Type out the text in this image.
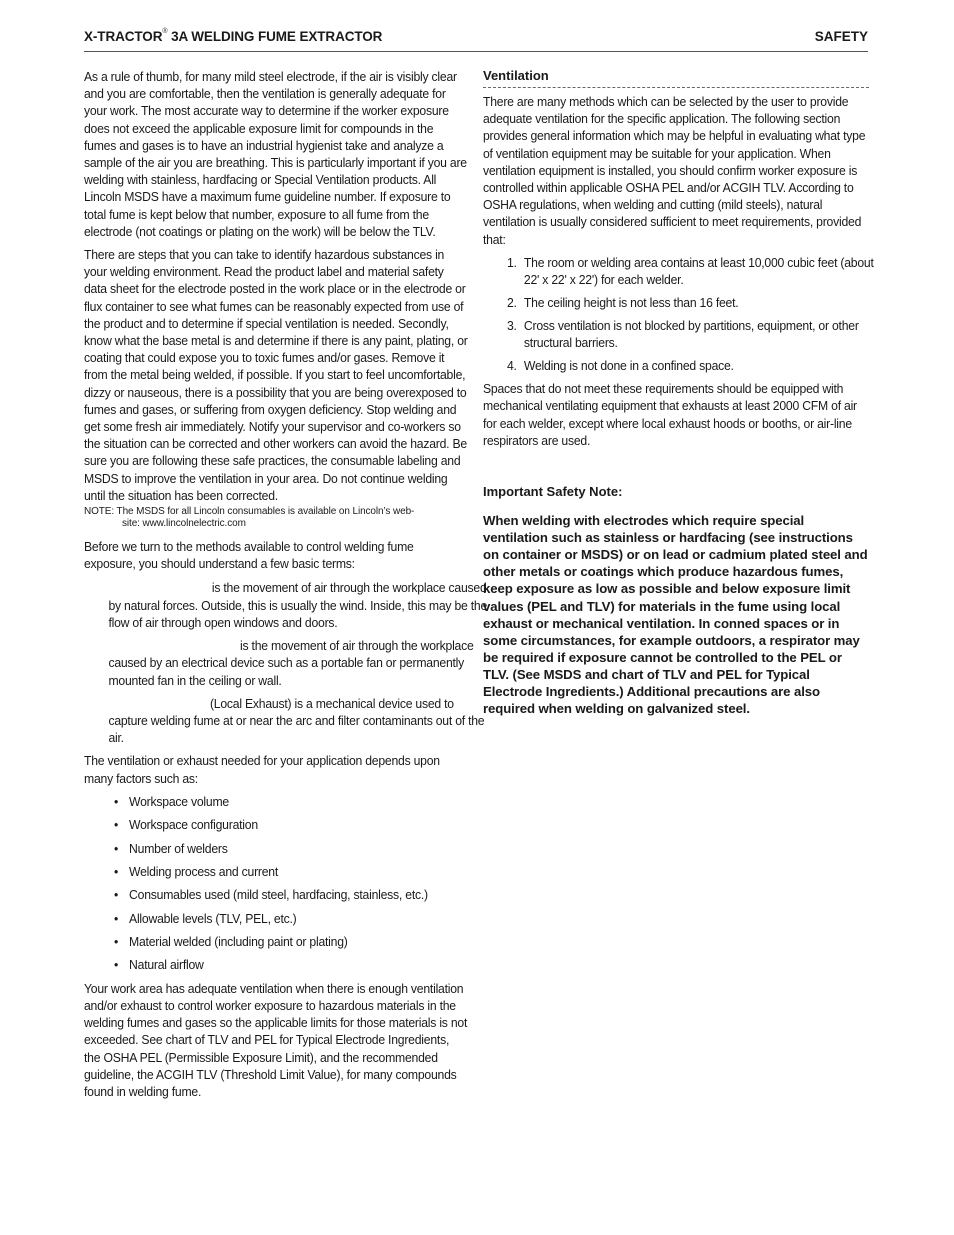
X-TRACTOR® 3A WELDING FUME EXTRACTOR	SAFETY

As a rule of thumb, for many mild steel electrode, if the air is visibly clear and you are comfortable, then the ventilation is generally adequate for your work. The most accurate way to determine if the worker exposure does not exceed the applicable exposure limit for compounds in the fumes and gases is to have an industrial hygienist take and analyze a sample of the air you are breathing. This is particularly important if you are welding with stainless, hardfacing or Special Ventilation products. All Lincoln MSDS have a maximum fume guideline number. If exposure to total fume is kept below that number, exposure to all fume from the electrode (not coatings or plating on the work) will be below the TLV.

There are steps that you can take to identify hazardous substances in your welding environment. Read the product label and material safety data sheet for the electrode posted in the work place or in the electrode or flux container to see what fumes can be reasonably expected from use of the product and to determine if special ventilation is needed. Secondly, know what the base metal is and determine if there is any paint, plating, or coating that could expose you to toxic fumes and/or gases. Remove it from the metal being welded, if possible. If you start to feel uncomfortable, dizzy or nauseous, there is a possibility that you are being overexposed to fumes and gases, or suffering from oxygen deficiency. Stop welding and get some fresh air immediately. Notify your supervisor and co-workers so the situation can be corrected and other workers can avoid the hazard. Be sure you are following these safe practices, the consumable labeling and MSDS to improve the ventilation in your area. Do not continue welding until the situation has been corrected.

NOTE: The MSDS for all Lincoln consumables is available on Lincoln’s web-
site: www.lincolnelectric.com

Before we turn to the methods available to control welding fume exposure, you should understand a few basic terms:

is the movement of air through the workplace caused by natural forces. Outside, this is usually the wind. Inside, this may be the flow of air through open windows and doors.

is the movement of air through the workplace caused by an electrical device such as a portable fan or permanently mounted fan in the ceiling or wall.

(Local Exhaust) is a mechanical device used to capture welding fume at or near the arc and filter contaminants out of the air.

The ventilation or exhaust needed for your application depends upon many factors such as:

• Workspace volume
• Workspace configuration
• Number of welders
• Welding process and current
• Consumables used (mild steel, hardfacing, stainless, etc.)
• Allowable levels (TLV, PEL, etc.)
• Material welded (including paint or plating)
• Natural airflow

Your work area has adequate ventilation when there is enough ventilation and/or exhaust to control worker exposure to hazardous materials in the welding fumes and gases so the applicable limits for those materials is not exceeded. See chart of TLV and PEL for Typical Electrode Ingredients, the OSHA PEL (Permissible Exposure Limit), and the recommended guideline, the ACGIH TLV (Threshold Limit Value), for many compounds found in welding fume.

Ventilation

There are many methods which can be selected by the user to provide adequate ventilation for the specific application. The following section provides general information which may be helpful in evaluating what type of ventilation equipment may be suitable for your application. When ventilation equipment is installed, you should confirm worker exposure is controlled within applicable OSHA PEL and/or ACGIH TLV. According to OSHA regulations, when welding and cutting (mild steels), natural ventilation is usually considered sufficient to meet requirements, provided that:

1. The room or welding area contains at least 10,000 cubic feet (about 22' x 22' x 22') for each welder.
2. The ceiling height is not less than 16 feet.
3. Cross ventilation is not blocked by partitions, equipment, or other structural barriers.
4. Welding is not done in a confined space.

Spaces that do not meet these requirements should be equipped with mechanical ventilating equipment that exhausts at least 2000 CFM of air for each welder, except where local exhaust hoods or booths, or air-line respirators are used.

Important Safety Note:
When welding with electrodes which require special ventilation such as stainless or hardfacing (see instructions on container or MSDS) or on lead or cadmium plated steel and other metals or coatings which produce hazardous fumes, keep exposure as low as possible and below exposure limit values (PEL and TLV) for materials in the fume using local exhaust or mechanical ventilation. In conned spaces or in some circumstances, for example outdoors, a respirator may be required if exposure cannot be controlled to the PEL or TLV. (See MSDS and chart of TLV and PEL for Typical Electrode Ingredients.) Additional precautions are also required when welding on galvanized steel.
